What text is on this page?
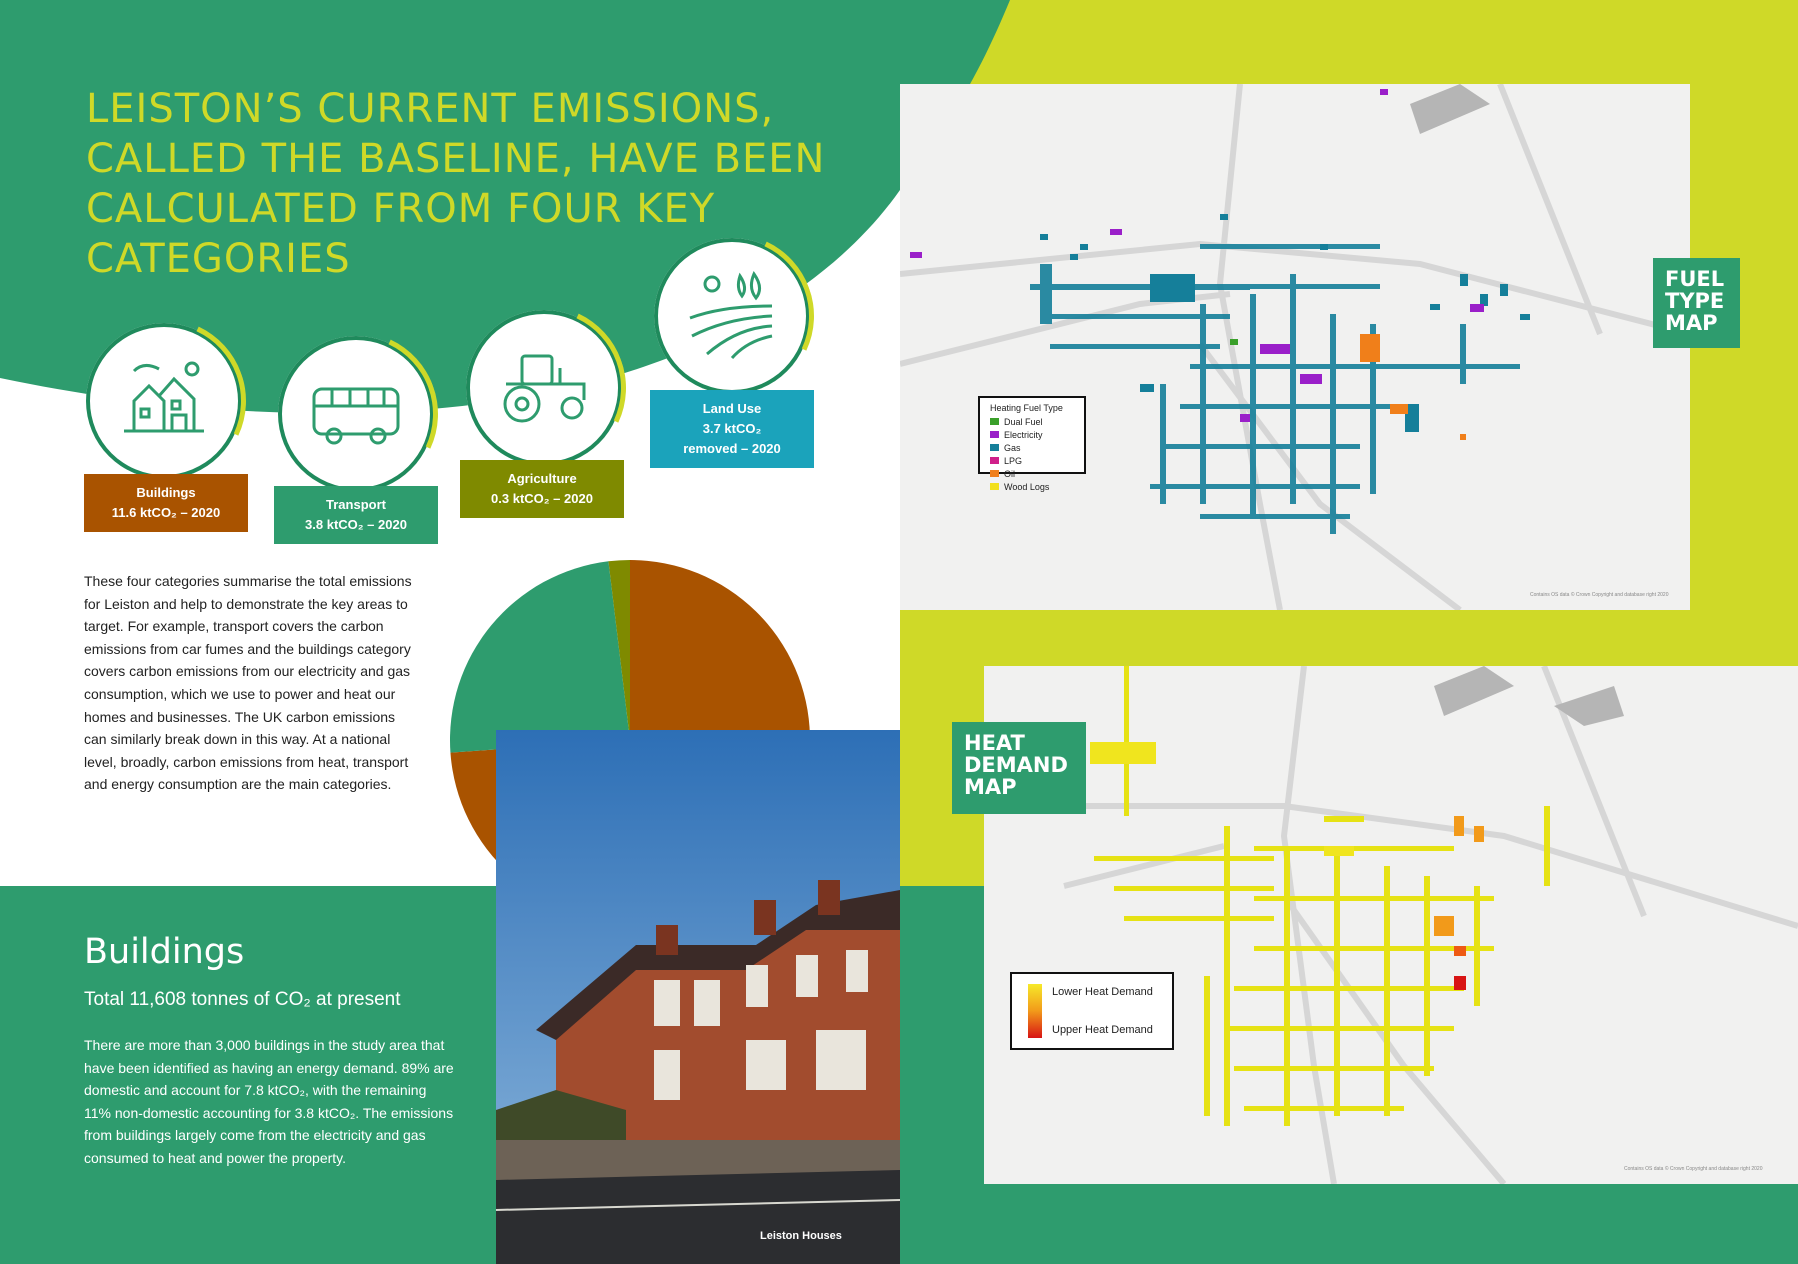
LEISTON’S CURRENT EMISSIONS, CALLED THE BASELINE, HAVE BEEN CALCULATED FROM FOUR KEY CATEGORIES
Buildings
11.6 ktCO₂ – 2020
Transport
3.8 ktCO₂ – 2020
Agriculture
0.3 ktCO₂ – 2020
Land Use
3.7 ktCO₂
removed – 2020
These four categories summarise the total emissions for Leiston and help to demonstrate the key areas to target. For example, transport covers the carbon emissions from car fumes and the buildings category covers carbon emissions from our electricity and gas consumption, which we use to power and heat our homes and businesses. The UK carbon emissions can similarly break down in this way. At a national level, broadly, carbon emissions from heat, transport and energy consumption are the main categories.
Buildings
Total 11,608 tonnes of CO₂ at present
There are more than 3,000 buildings in the study area that have been identified as having an energy demand. 89% are domestic and account for 7.8 ktCO₂, with the remaining 11% non-domestic accounting for 3.8 ktCO₂. The emissions from buildings largely come from the electricity and gas consumed to heat and power the property.
Leiston Houses
Heating Fuel Type
Dual Fuel
Electricity
Gas
LPG
Oil
Wood Logs
Contains OS data © Crown Copyright and database right 2020
FUEL TYPE MAP
Lower Heat Demand
Upper Heat Demand
Contains OS data © Crown Copyright and database right 2020
HEAT DEMAND MAP
